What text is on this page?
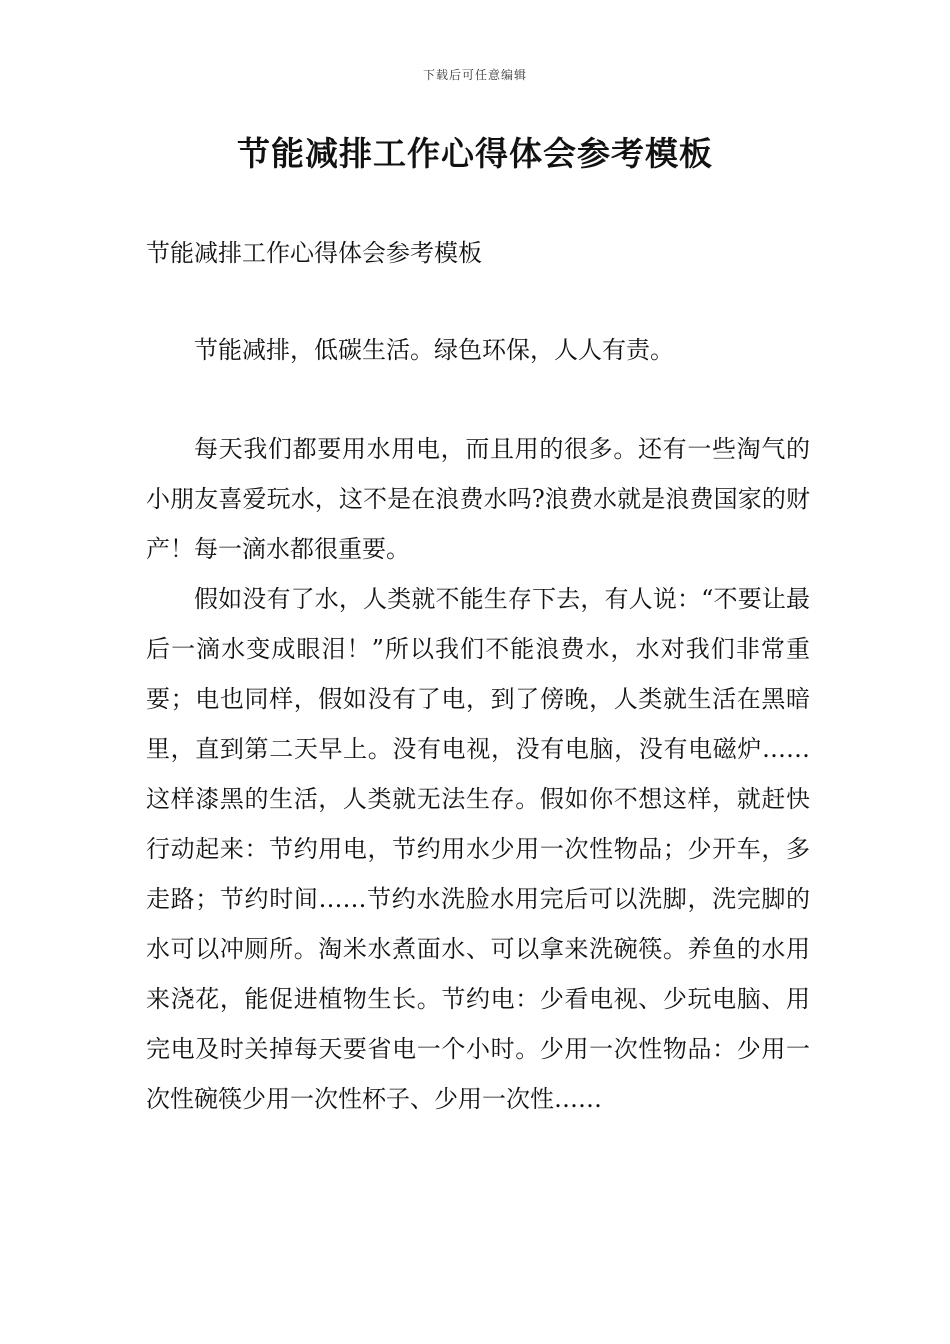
下载后可任意编辑
节能减排工作心得体会参考模板

节能减排工作心得体会参考模板

节能减排，低碳生活。绿色环保，人人有责。

每天我们都要用水用电，而且用的很多。还有一些淘气的小朋友喜爱玩水，这不是在浪费水吗?浪费水就是浪费国家的财产！每一滴水都很重要。

假如没有了水，人类就不能生存下去，有人说：“不要让最后一滴水变成眼泪！”所以我们不能浪费水，水对我们非常重要；电也同样，假如没有了电，到了傍晚，人类就生活在黑暗里，直到第二天早上。没有电视，没有电脑，没有电磁炉……这样漆黑的生活，人类就无法生存。假如你不想这样，就赶快行动起来：节约用电，节约用水少用一次性物品；少开车，多走路；节约时间……节约水洗脸水用完后可以洗脚，洗完脚的水可以冲厕所。淘米水煮面水、可以拿来洗碗筷。养鱼的水用来浇花，能促进植物生长。节约电：少看电视、少玩电脑、用完电及时关掉每天要省电一个小时。少用一次性物品：少用一次性碗筷少用一次性杯子、少用一次性……
